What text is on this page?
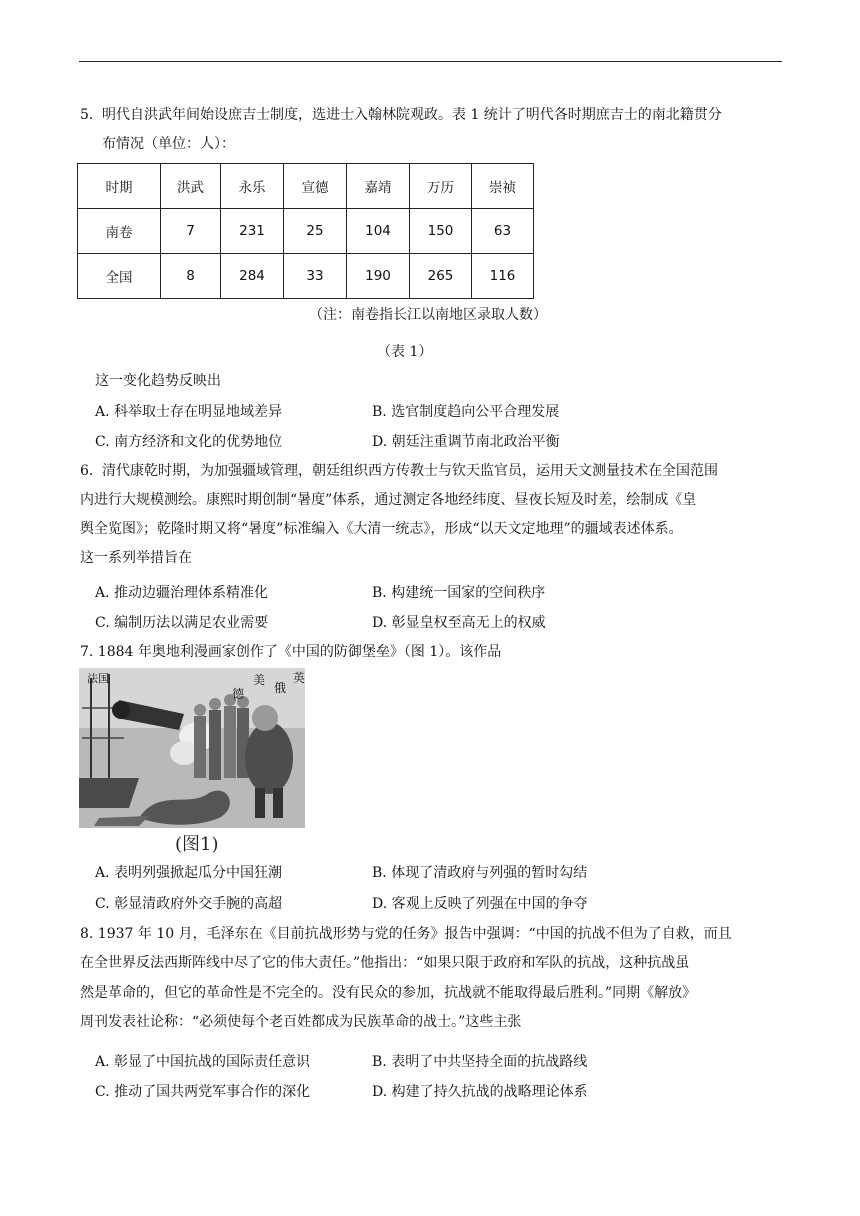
5． 明代自洪武年间始设庶吉士制度，选进士入翰林院观政。表 1 统计了明代各时期庶吉士的南北籍贯分
布情况（单位：人）：
时期	洪武	永乐	宣德	嘉靖	万历	崇祯
南卷	7	231	25	104	150	63
全国	8	284	33	190	265	116
（注：南卷指长江以南地区录取人数）
（表 1）
这一变化趋势反映出
A. 科举取士存在明显地域差异	B. 选官制度趋向公平合理发展
C. 南方经济和文化的优势地位	D. 朝廷注重调节南北政治平衡
6． 清代康乾时期，为加强疆域管理，朝廷组织西方传教士与钦天监官员，运用天文测量技术在全国范围
内进行大规模测绘。康熙时期创制“暑度”体系，通过测定各地经纬度、昼夜长短及时差，绘制成《皇
舆全览图》；乾隆时期又将“暑度”标准编入《大清一统志》，形成“以天文定地理”的疆域表述体系。
这一系列举措旨在
A. 推动边疆治理体系精准化	B. 构建统一国家的空间秩序
C. 编制历法以满足农业需要	D. 彰显皇权至高无上的权威
7. 1884 年奥地利漫画家创作了《中国的防御堡垒》（图 1）。该作品
法国
德
美
俄
英
(图1)
A. 表明列强掀起瓜分中国狂潮	B. 体现了清政府与列强的暂时勾结
C. 彰显清政府外交手腕的高超	D. 客观上反映了列强在中国的争夺
8. 1937 年 10 月，毛泽东在《目前抗战形势与党的任务》报告中强调：“中国的抗战不但为了自救，而且
在全世界反法西斯阵线中尽了它的伟大责任。”他指出：“如果只限于政府和军队的抗战，这种抗战虽
然是革命的，但它的革命性是不完全的。没有民众的参加，抗战就不能取得最后胜利。”同期《解放》
周刊发表社论称：“必须使每个老百姓都成为民族革命的战士。”这些主张
A. 彰显了中国抗战的国际责任意识	B. 表明了中共坚持全面的抗战路线
C. 推动了国共两党军事合作的深化	D. 构建了持久抗战的战略理论体系
